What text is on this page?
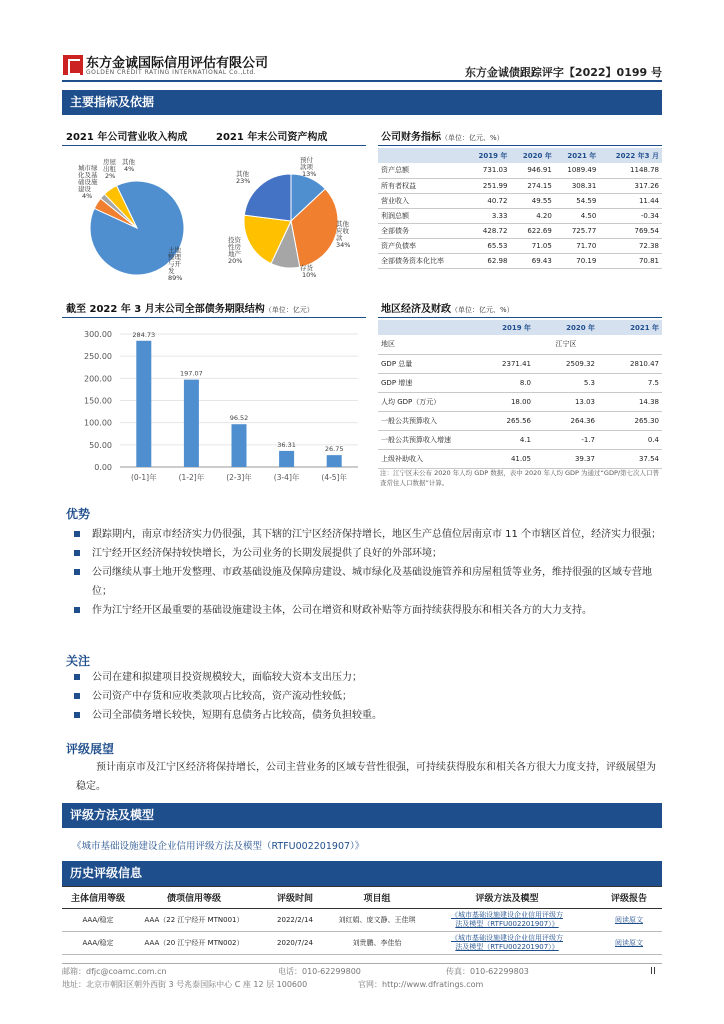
东方金诚国际信用评估有限公司
GOLDEN CREDIT RATING INTERNATIONAL Co.,Ltd.	东方金诚债跟踪评字【2022】0199 号
主要指标及依据
2021 年公司营业收入构成	2021 年末公司资产构成
土地
整理
与开
发
89%
城市绿
化及基
础设施
建设
4%
房屋
出租
2%
其他
4%
预付
款项
13%
其他
应收
款
34%
存货
10%
投资
性房
地产
20%
其他
23%
公司财务指标（单位：亿元、%）
	2019 年	2020 年	2021 年	2022 年3 月
资产总额	731.03	946.91	1089.49	1148.78
所有者权益	251.99	274.15	308.31	317.26
营业收入	40.72	49.55	54.59	11.44
利润总额	3.33	4.20	4.50	-0.34
全部债务	428.72	622.69	725.77	769.54
资产负债率	65.53	71.05	71.70	72.38
全部债务资本化比率	62.98	69.43	70.19	70.81
截至 2022 年 3 月末公司全部债务期限结构（单位：亿元）
0.00
50.00
100.00
150.00
200.00
250.00
300.00	284.73
(0-1]年
197.07
(1-2]年
96.52
(2-3]年
36.31
(3-4]年
26.75
(4-5]年
地区经济及财政（单位：亿元、%）
	2019 年	2020 年	2021 年
地区	江宁区		
GDP 总量	2371.41	2509.32	2810.47
GDP 增速	8.0	5.3	7.5
人均 GDP（万元）	18.00	13.03	14.38
一般公共预算收入	265.56	264.36	265.30
一般公共预算收入增速	4.1	-1.7	0.4
上级补助收入	41.05	39.37	37.54
注：江宁区未公布 2020 年人均 GDP 数据，表中 2020 年人均 GDP 为通过“GDP/第七次人口普查常住人口数据”计算。
优势
跟踪期内，南京市经济实力仍很强，其下辖的江宁区经济保持增长，地区生产总值位居南京市 11 个市辖区首位，经济实力很强；
江宁经开区经济保持较快增长，为公司业务的长期发展提供了良好的外部环境；
公司继续从事土地开发整理、市政基础设施及保障房建设、城市绿化及基础设施管养和房屋租赁等业务，维持很强的区域专营地位；
作为江宁经开区最重要的基础设施建设主体，公司在增资和财政补贴等方面持续获得股东和相关各方的大力支持。
关注
公司在建和拟建项目投资规模较大，面临较大资本支出压力；
公司资产中存货和应收类款项占比较高，资产流动性较低；
公司全部债务增长较快，短期有息债务占比较高，债务负担较重。
评级展望
预计南京市及江宁区经济将保持增长，公司主营业务的区域专营性很强，可持续获得股东和相关各方很大力度支持，评级展望为稳定。
评级方法及模型
《城市基础设施建设企业信用评级方法及模型（RTFU002201907）》
历史评级信息
主体信用等级	债项信用等级	评级时间	项目组	评级方法及模型	评级报告
AAA/稳定	AAA（22 江宁经开 MTN001）	2022/2/14	刘红娟、庞文静、王佳琪	《城市基础设施建设企业信用评级方
法及模型（RTFU002201907）》	阅读原文
AAA/稳定	AAA（20 江宁经开 MTN002）	2020/7/24	刘贵鹏、李佳怡	《城市基础设施建设企业信用评级方
法及模型（RTFU002201907）》	阅读原文
邮箱：dfjc@coamc.com.cn	电话：010-62299800	传真：010-62299803	II
地址：北京市朝阳区朝外西街 3 号兆泰国际中心 C 座 12 层 100600	官网：http://www.dfratings.com
